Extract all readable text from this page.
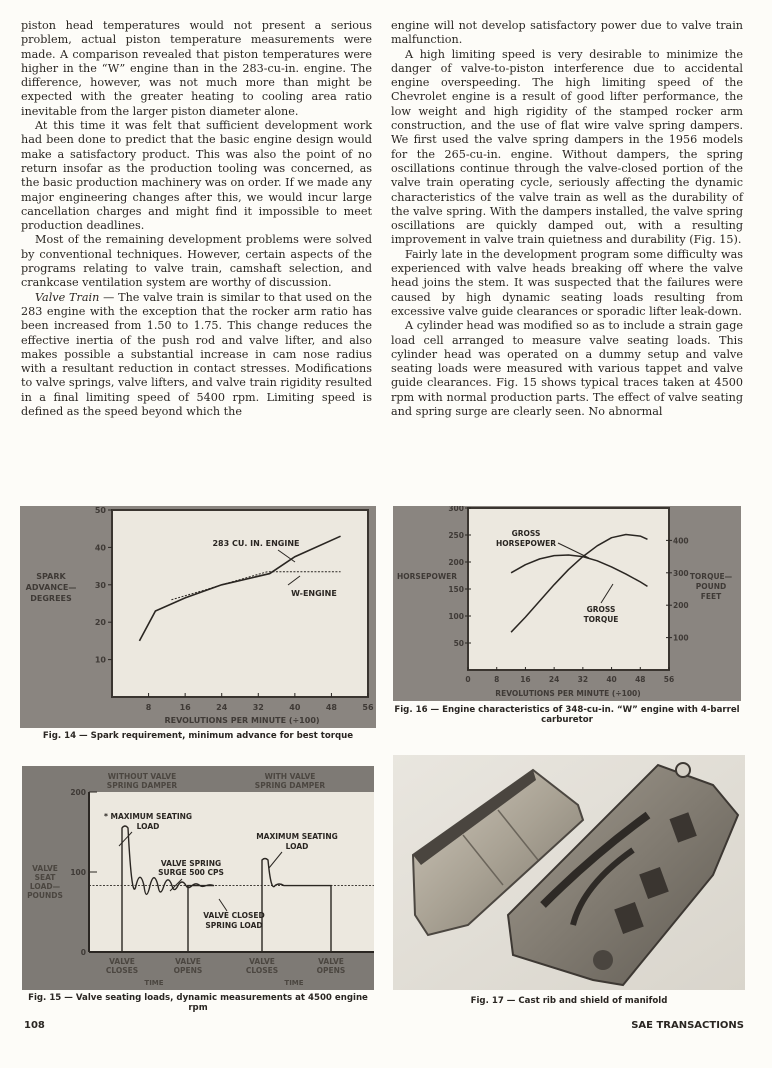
piston head temperatures would not present a serious problem, actual piston temperature measurements were made. A comparison revealed that piston temperatures were higher in the “W” engine than in the 283-cu-in. engine. The difference, however, was not much more than might be expected with the greater heating to cooling area ratio inevitable from the larger piston diameter alone.

At this time it was felt that sufficient development work had been done to predict that the basic engine design would make a satisfactory product. This was also the point of no return insofar as the production tooling was concerned, as the basic production machinery was on order. If we made any major engineering changes after this, we would incur large cancellation charges and might find it impossible to meet production deadlines.

Most of the remaining development problems were solved by conventional techniques. However, certain aspects of the programs relating to valve train, camshaft selection, and crankcase ventilation system are worthy of discussion.

Valve Train — The valve train is similar to that used on the 283 engine with the exception that the rocker arm ratio has been increased from 1.50 to 1.75. This change reduces the effective inertia of the push rod and valve lifter, and also makes possible a substantial increase in cam nose radius with a resultant reduction in contact stresses. Modifications to valve springs, valve lifters, and valve train rigidity resulted in a final limiting speed of 5400 rpm. Limiting speed is defined as the speed beyond which the

engine will not develop satisfactory power due to valve train malfunction.

A high limiting speed is very desirable to minimize the danger of valve-to-piston interference due to accidental engine overspeeding. The high limiting speed of the Chevrolet engine is a result of good lifter performance, the low weight and high rigidity of the stamped rocker arm construction, and the use of flat wire valve spring dampers. We first used the valve spring dampers in the 1956 models for the 265-cu-in. engine. Without dampers, the spring oscillations continue through the valve-closed portion of the valve train operating cycle, seriously affecting the dynamic characteristics of the valve train as well as the durability of the valve spring. With the dampers installed, the valve spring oscillations are quickly damped out, with a resulting improvement in valve train quietness and durability (Fig. 15).

Fairly late in the development program some difficulty was experienced with valve heads breaking off where the valve head joins the stem. It was suspected that the failures were caused by high dynamic seating loads resulting from excessive valve guide clearances or sporadic lifter leak-down.

A cylinder head was modified so as to include a strain gage load cell arranged to measure valve seating loads. This cylinder head was operated on a dummy setup and valve seating loads were measured with various tappet and valve guide clearances. Fig. 15 shows typical traces taken at 4500 rpm with normal production parts. The effect of valve seating and spring surge are clearly seen. No abnormal

10
20
30
40
50
8	16	24	32	40	48	56
SPARK
ADVANCE—
DEGREES
REVOLUTIONS PER MINUTE (÷100)
283 CU. IN. ENGINE
W-ENGINE
Fig. 14 — Spark requirement, minimum advance for best torque
50
100
150
200
250
300
100
200
300
400
0	8	16 24 32 40 48 56
HORSEPOWER	TORQUE—
POUND
FEET
REVOLUTIONS PER MINUTE (÷100)
GROSS
HORSEPOWER
GROSS
TORQUE
Fig. 16 — Engine characteristics of 348-cu-in. “W” engine with 4-barrel
carburetor
0
100
200
WITHOUT VALVE
SPRING DAMPER
WITH VALVE
SPRING DAMPER
VALVE
SEAT
LOAD—
POUNDS
VALVE
CLOSES
VALVE
OPENS
VALVE
CLOSES
VALVE
OPENS
TIME	TIME
* MAXIMUM SEATING
LOAD
VALVE SPRING
SURGE 500 CPS
MAXIMUM SEATING
LOAD
VALVE CLOSED
SPRING LOAD
Fig. 15 — Valve seating loads, dynamic measurements at 4500 engine rpm
Fig. 17 — Cast rib and shield of manifold
108	SAE TRANSACTIONS
